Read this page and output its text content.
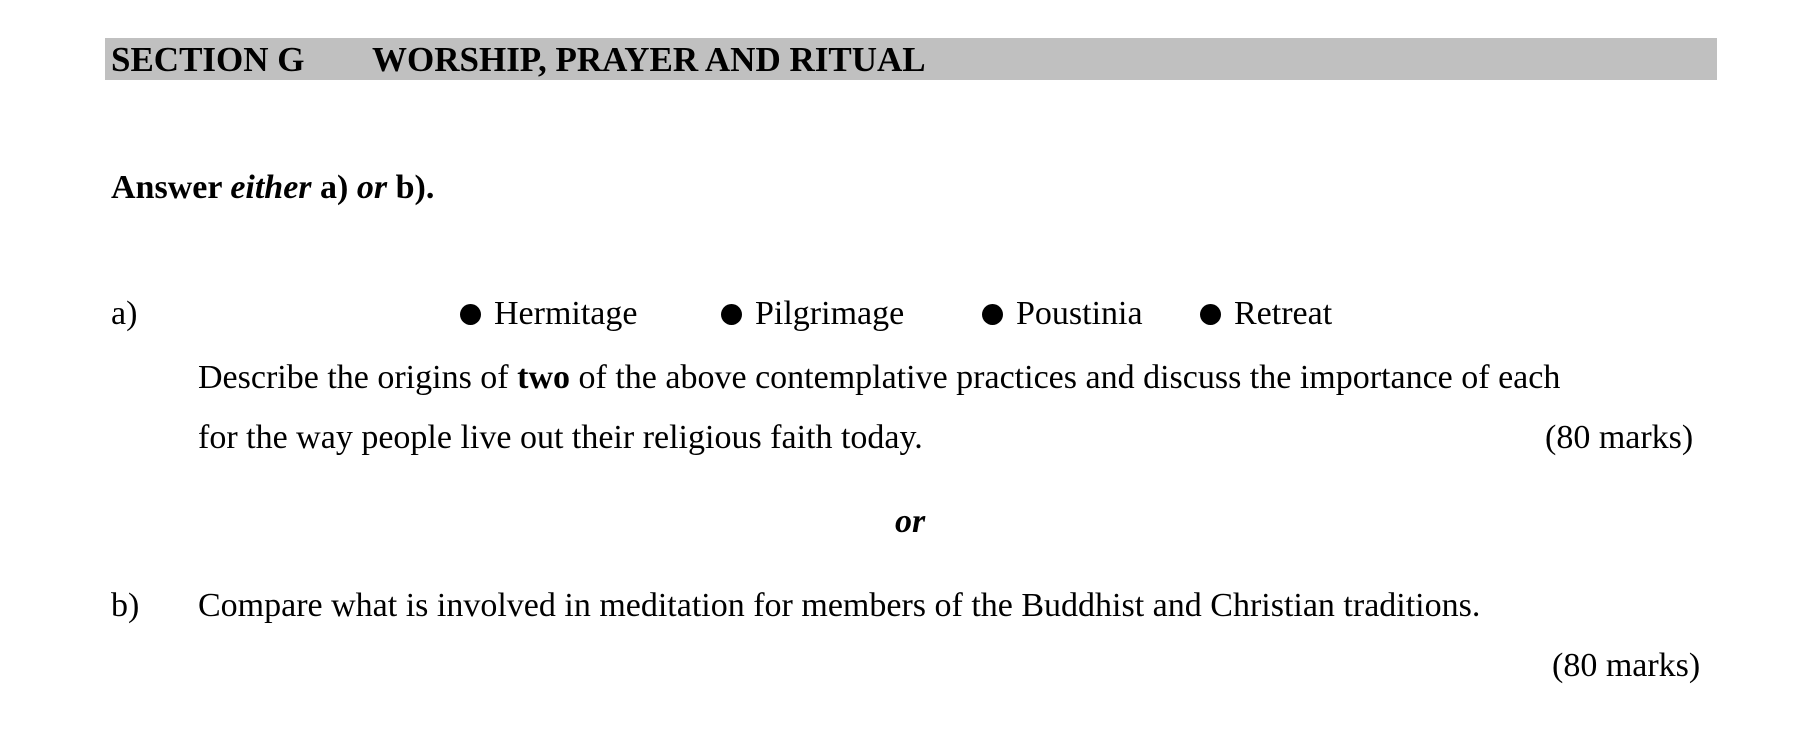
SECTION G WORSHIP, PRAYER AND RITUAL
Answer either a) or b).
a)	Hermitage	Pilgrimage	Poustinia	Retreat
Describe the origins of two of the above contemplative practices and discuss the importance of each
for the way people live out their religious faith today.	(80 marks)
or
b) Compare what is involved in meditation for members of the Buddhist and Christian traditions.
(80 marks)
